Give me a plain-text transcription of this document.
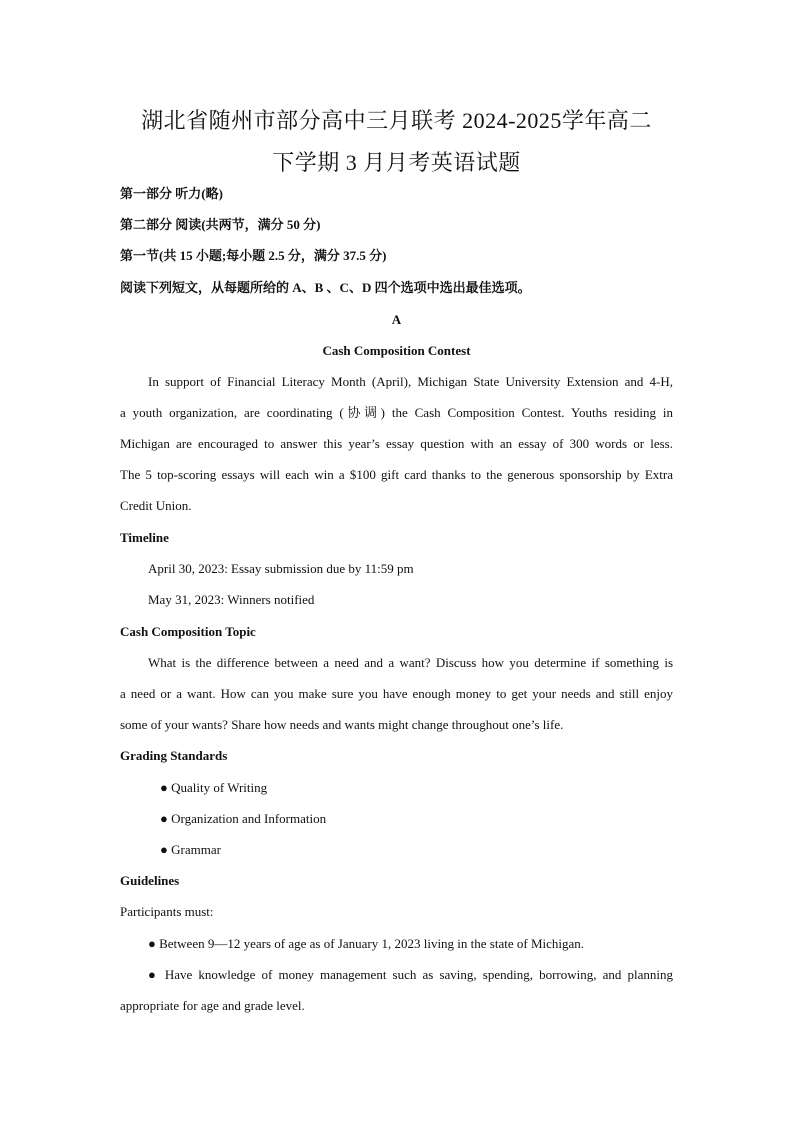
湖北省随州市部分高中三月联考 2024-2025学年高二
下学期 3 月月考英语试题
第一部分 听力(略)
第二部分 阅读(共两节，满分 50 分)
第一节(共 15 小题;每小题 2.5 分，满分 37.5 分)
阅读下列短文，从每题所给的 A、B 、C、D 四个选项中选出最佳选项。
A
Cash Composition Contest
In support of Financial Literacy Month (April), Michigan State University Extension and 4-H,
a youth organization, are coordinating (协调) the Cash Composition Contest. Youths residing in
Michigan are encouraged to answer this year’s essay question with an essay of 300 words or less.
The 5 top-scoring essays will each win a $100 gift card thanks to the generous sponsorship by Extra
Credit Union.
Timeline
April 30, 2023: Essay submission due by 11:59 pm
May 31, 2023: Winners notified
Cash Composition Topic
What is the difference between a need and a want? Discuss how you determine if something is
a need or a want. How can you make sure you have enough money to get your needs and still enjoy
some of your wants? Share how needs and wants might change throughout one’s life.
Grading Standards
● Quality of Writing
● Organization and Information
● Grammar
Guidelines
Participants must:
● Between 9—12 years of age as of January 1, 2023 living in the state of Michigan.
● Have knowledge of money management such as saving, spending, borrowing, and planning
appropriate for age and grade level.
